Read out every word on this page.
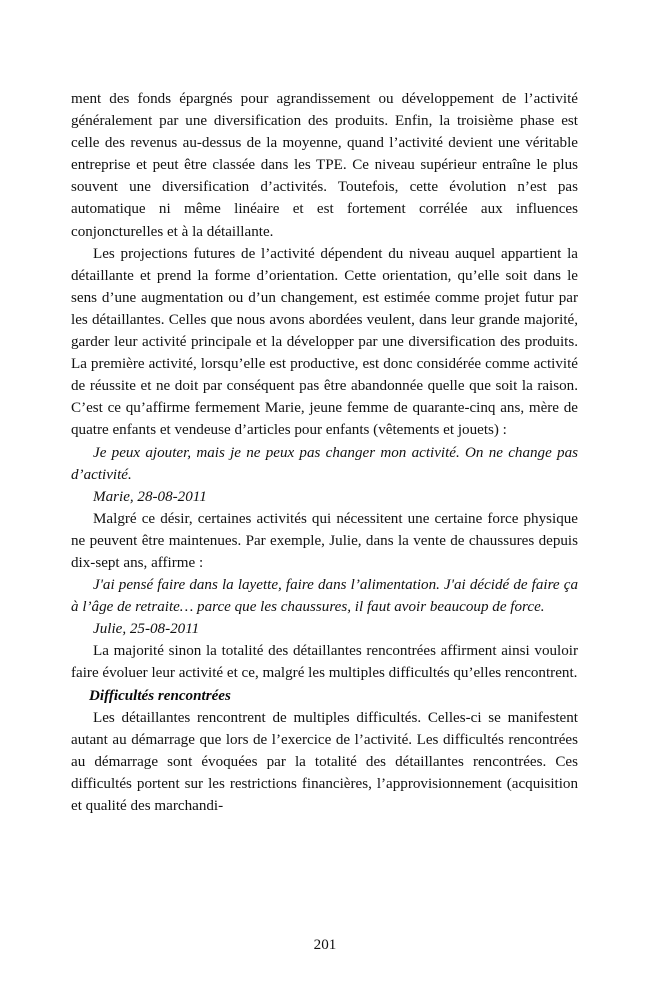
ment des fonds épargnés pour agrandissement ou développement de l’activité généralement par une diversification des produits. Enfin, la troisième phase est celle des revenus au-dessus de la moyenne, quand l’activité devient une véritable entreprise et peut être classée dans les TPE. Ce niveau supérieur entraîne le plus souvent une diversification d’activités. Toutefois, cette évolution n’est pas automatique ni même linéaire et est fortement corrélée aux influences conjoncturelles et à la détaillante.

Les projections futures de l’activité dépendent du niveau auquel appartient la détaillante et prend la forme d’orientation. Cette orientation, qu’elle soit dans le sens d’une augmentation ou d’un changement, est estimée comme projet futur par les détaillantes. Celles que nous avons abordées veulent, dans leur grande majorité, garder leur activité principale et la développer par une diversification des produits. La première activité, lorsqu’elle est productive, est donc considérée comme activité de réussite et ne doit par conséquent pas être abandonnée quelle que soit la raison. C’est ce qu’affirme fermement Marie, jeune femme de quarante-cinq ans, mère de quatre enfants et vendeuse d’articles pour enfants (vêtements et jouets) :

Je peux ajouter, mais je ne peux pas changer mon activité. On ne change pas d’activité.

Marie, 28-08-2011

Malgré ce désir, certaines activités qui nécessitent une certaine force physique ne peuvent être maintenues. Par exemple, Julie, dans la vente de chaussures depuis dix-sept ans, affirme :

J'ai pensé faire dans la layette, faire dans l’alimentation. J'ai décidé de faire ça à l’âge de retraite… parce que les chaussures, il faut avoir beaucoup de force.

Julie, 25-08-2011

La majorité sinon la totalité des détaillantes rencontrées affirment ainsi vouloir faire évoluer leur activité et ce, malgré les multiples difficultés qu’elles rencontrent.

Difficultés rencontrées

Les détaillantes rencontrent de multiples difficultés. Celles-ci se manifestent autant au démarrage que lors de l’exercice de l’activité. Les difficultés rencontrées au démarrage sont évoquées par la totalité des détaillantes rencontrées. Ces difficultés portent sur les restrictions financières, l’approvisionnement (acquisition et qualité des marchandi-

201
